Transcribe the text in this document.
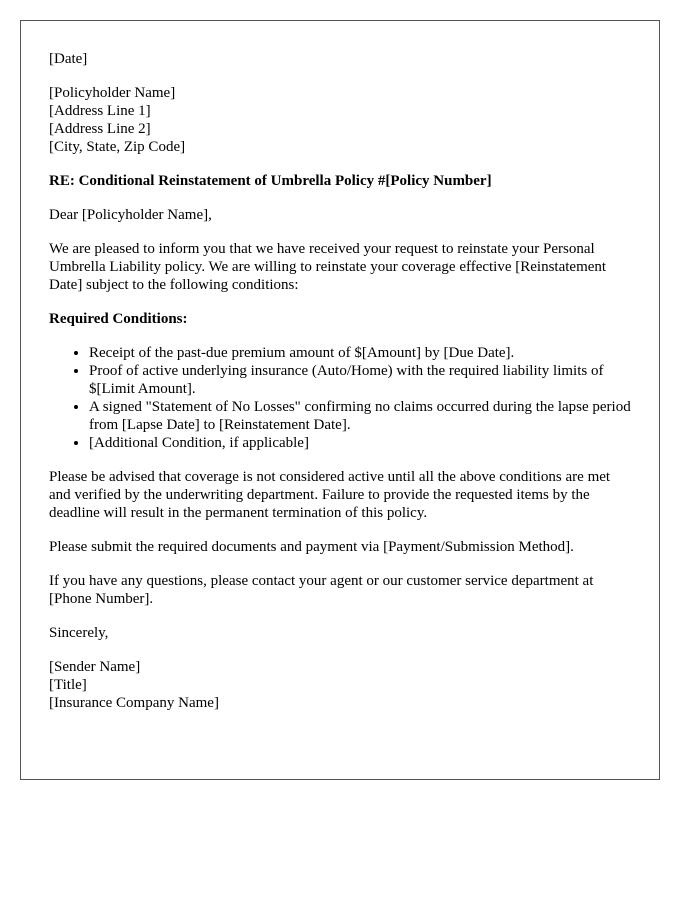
[Date]

[Policyholder Name]
[Address Line 1]
[Address Line 2]
[City, State, Zip Code]

RE: Conditional Reinstatement of Umbrella Policy #[Policy Number]

Dear [Policyholder Name],

We are pleased to inform you that we have received your request to reinstate your Personal Umbrella Liability policy. We are willing to reinstate your coverage effective [Reinstatement Date] subject to the following conditions:

Required Conditions:

• Receipt of the past-due premium amount of $[Amount] by [Due Date].
• Proof of active underlying insurance (Auto/Home) with the required liability limits of $[Limit Amount].
• A signed "Statement of No Losses" confirming no claims occurred during the lapse period from [Lapse Date] to [Reinstatement Date].
• [Additional Condition, if applicable]

Please be advised that coverage is not considered active until all the above conditions are met and verified by the underwriting department. Failure to provide the requested items by the deadline will result in the permanent termination of this policy.

Please submit the required documents and payment via [Payment/Submission Method].

If you have any questions, please contact your agent or our customer service department at [Phone Number].

Sincerely,

[Sender Name]
[Title]
[Insurance Company Name]
